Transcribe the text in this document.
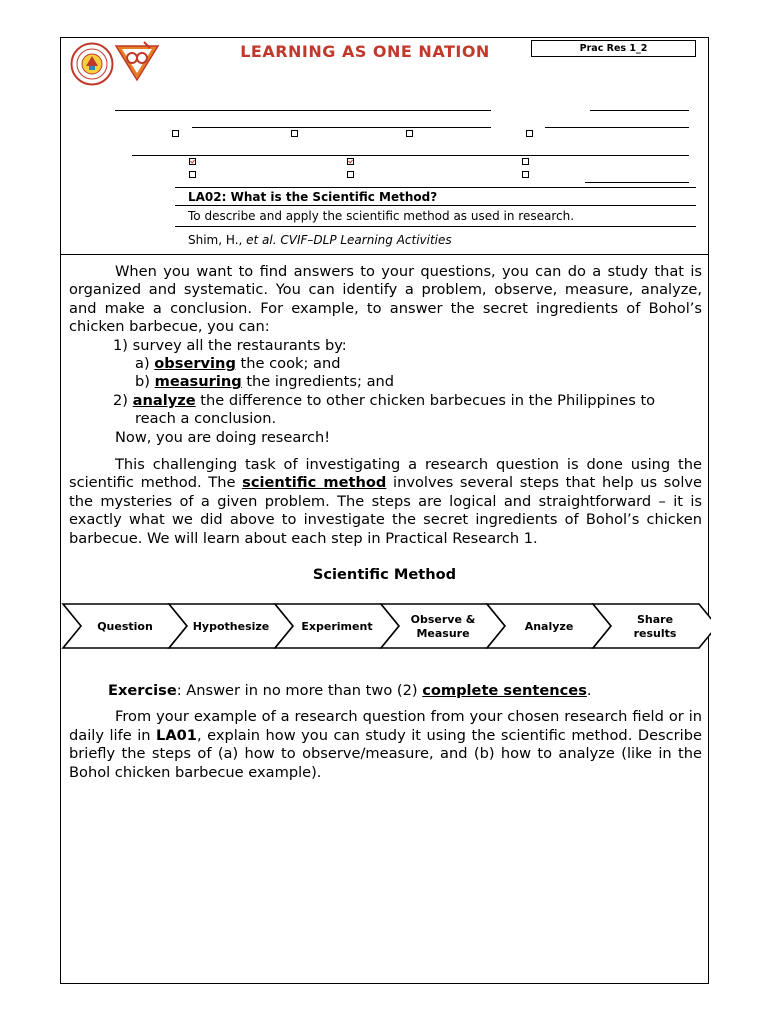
LEARNING AS ONE NATION	Prac Res 1_2
LA02: What is the Scientific Method?
To describe and apply the scientific method as used in research.
Shim, H., et al. CVIF–DLP Learning Activities

When you want to find answers to your questions, you can do a study that is organized and systematic. You can identify a problem, observe, measure, analyze, and make a conclusion. For example, to answer the secret ingredients of Bohol’s chicken barbecue, you can:

1) survey all the restaurants by:

a) observing the cook; and

b) measuring the ingredients; and

2) analyze the difference to other chicken barbecues in the Philippines to

reach a conclusion.

Now, you are doing research!

This challenging task of investigating a research question is done using the scientific method. The scientific method involves several steps that help us solve the mysteries of a given problem. The steps are logical and straightforward – it is exactly what we did above to investigate the secret ingredients of Bohol’s chicken barbecue. We will learn about each step in Practical Research 1.

Scientific Method
Question	Hypothesize	Experiment
Observe &
Measure
Analyze
Share
results

Exercise: Answer in no more than two (2) complete sentences.

From your example of a research question from your chosen research field or in daily life in LA01, explain how you can study it using the scientific method. Describe briefly the steps of (a) how to observe/measure, and (b) how to analyze (like in the Bohol chicken barbecue example).
